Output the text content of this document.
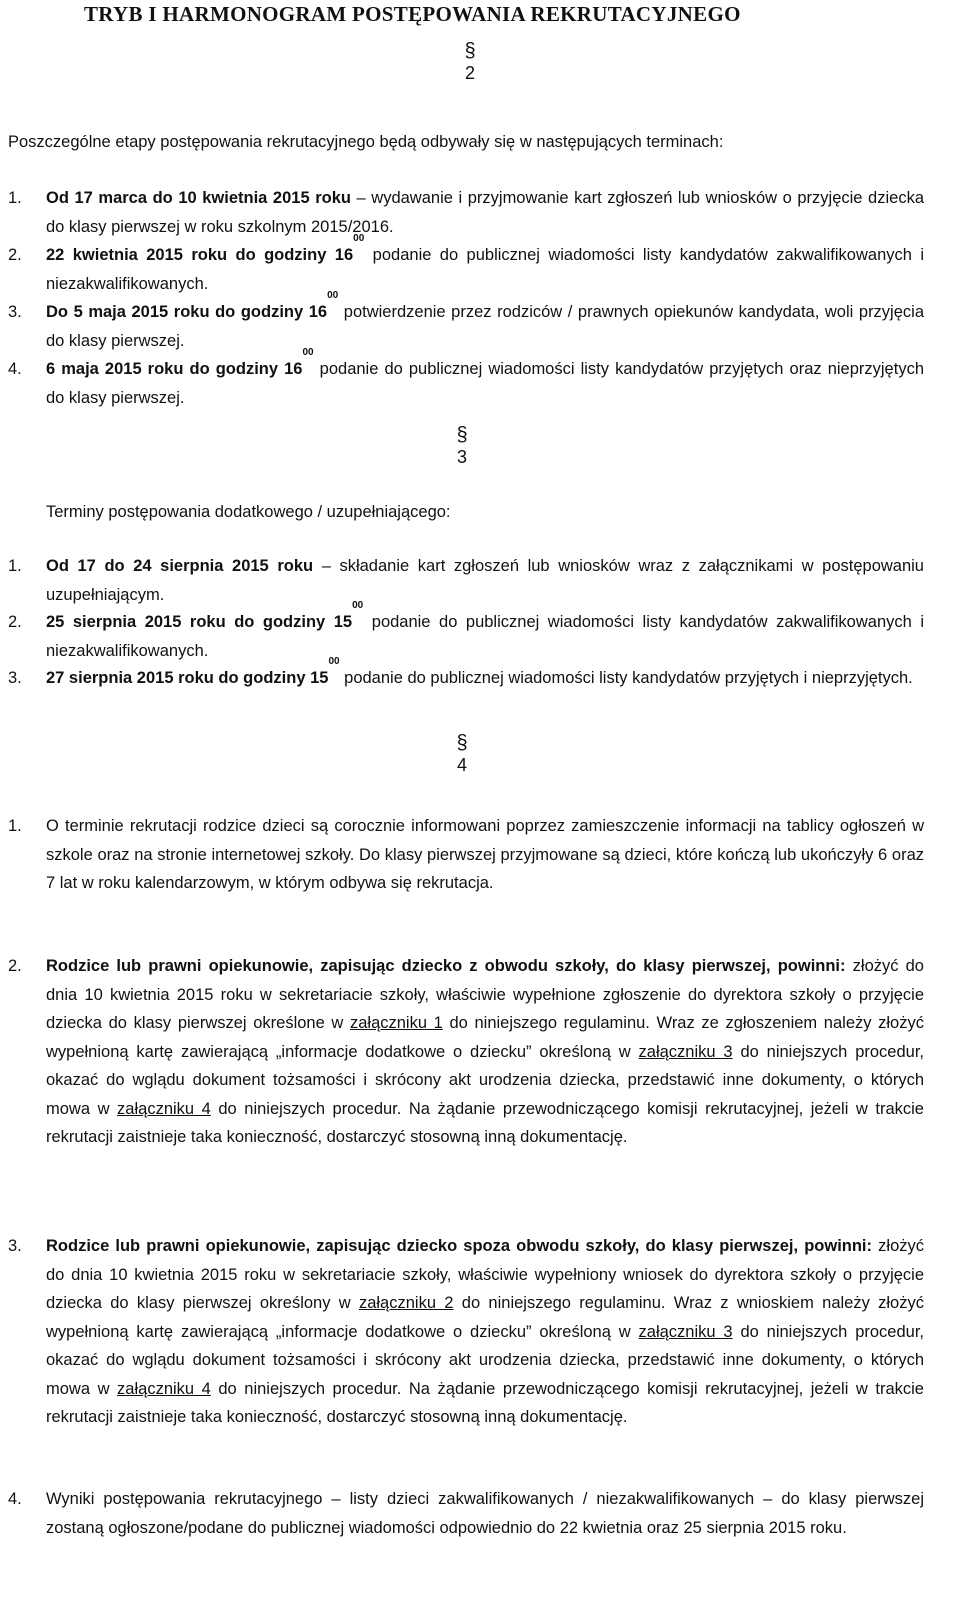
TRYB I HARMONOGRAM POSTĘPOWANIA REKRUTACYJNEGO
§
2
Poszczególne etapy postępowania rekrutacyjnego będą odbywały się w następujących terminach:
1. Od 17 marca do 10 kwietnia 2015 roku – wydawanie i przyjmowanie kart zgłoszeń lub wniosków o przyjęcie dziecka do klasy pierwszej w roku szkolnym 2015/2016.
2. 22 kwietnia 2015 roku do godziny $16^{00}$ podanie do publicznej wiadomości listy kandydatów zakwalifikowanych i niezakwalifikowanych.
3. Do 5 maja 2015 roku do godziny $16^{00}$ potwierdzenie przez rodziców / prawnych opiekunów kandydata, woli przyjęcia do klasy pierwszej.
4. 6 maja 2015 roku do godziny $16^{00}$ podanie do publicznej wiadomości listy kandydatów przyjętych oraz nieprzyjętych do klasy pierwszej.
§
3
Terminy postępowania dodatkowego / uzupełniającego:
1. Od 17 do 24 sierpnia 2015 roku – składanie kart zgłoszeń lub wniosków wraz z załącznikami w postępowaniu uzupełniającym.
2. 25 sierpnia 2015 roku do godziny $15^{00}$ podanie do publicznej wiadomości listy kandydatów zakwalifikowanych i niezakwalifikowanych.
3. 27 sierpnia 2015 roku do godziny $15^{00}$ podanie do publicznej wiadomości listy kandydatów przyjętych i nieprzyjętych.
§
4
1. O terminie rekrutacji rodzice dzieci są corocznie informowani poprzez zamieszczenie informacji na tablicy ogłoszeń w szkole oraz na stronie internetowej szkoły. Do klasy pierwszej przyjmowane są dzieci, które kończą lub ukończyły 6 oraz 7 lat w roku kalendarzowym, w którym odbywa się rekrutacja.
2. Rodzice lub prawni opiekunowie, zapisując dziecko z obwodu szkoły, do klasy pierwszej, powinni: złożyć do dnia 10 kwietnia 2015 roku w sekretariacie szkoły, właściwie wypełnione zgłoszenie do dyrektora szkoły o przyjęcie dziecka do klasy pierwszej określone w załączniku 1 do niniejszego regulaminu. Wraz ze zgłoszeniem należy złożyć wypełnioną kartę zawierającą „informacje dodatkowe o dziecku” określoną w załączniku 3 do niniejszych procedur, okazać do wglądu dokument tożsamości i skrócony akt urodzenia dziecka, przedstawić inne dokumenty, o których mowa w załączniku 4 do niniejszych procedur. Na żądanie przewodniczącego komisji rekrutacyjnej, jeżeli w trakcie rekrutacji zaistnieje taka konieczność, dostarczyć stosowną inną dokumentację.
3. Rodzice lub prawni opiekunowie, zapisując dziecko spoza obwodu szkoły, do klasy pierwszej, powinni: złożyć do dnia 10 kwietnia 2015 roku w sekretariacie szkoły, właściwie wypełniony wniosek do dyrektora szkoły o przyjęcie dziecka do klasy pierwszej określony w załączniku 2 do niniejszego regulaminu. Wraz z wnioskiem należy złożyć wypełnioną kartę zawierającą „informacje dodatkowe o dziecku” określoną w załączniku 3 do niniejszych procedur, okazać do wglądu dokument tożsamości i skrócony akt urodzenia dziecka, przedstawić inne dokumenty, o których mowa w załączniku 4 do niniejszych procedur. Na żądanie przewodniczącego komisji rekrutacyjnej, jeżeli w trakcie rekrutacji zaistnieje taka konieczność, dostarczyć stosowną inną dokumentację.
4. Wyniki postępowania rekrutacyjnego – listy dzieci zakwalifikowanych / niezakwalifikowanych – do klasy pierwszej zostaną ogłoszone/podane do publicznej wiadomości odpowiednio do 22 kwietnia oraz 25 sierpnia 2015 roku.
